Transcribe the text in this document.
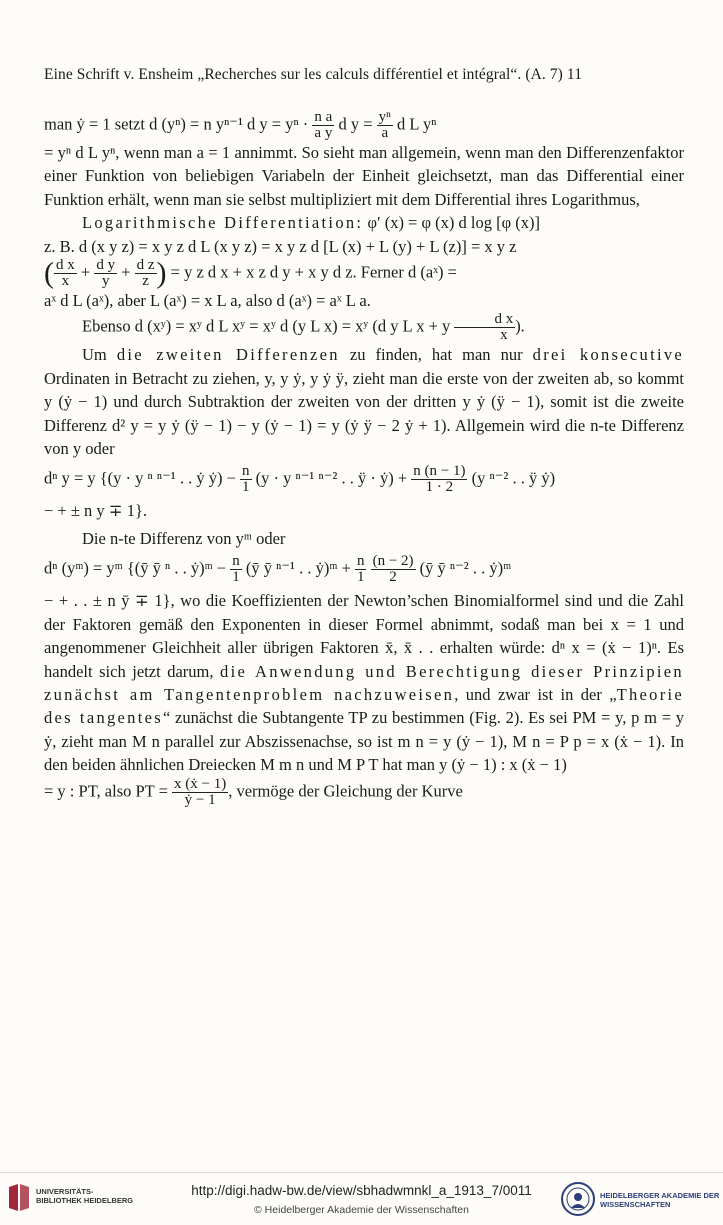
Eine Schrift v. Ensheim „Recherches sur les calculs différentiel et intégral“. (A. 7) 11

man ẏ = 1 setzt d (yⁿ) = n yⁿ⁻¹ d $y = y^n \cdot \frac{\text{n a}}{\text{a y}}$ d $y = \frac{\text{yⁿ}}{a}$ d L yⁿ

= yⁿ d L yⁿ, wenn man a = 1 annimmt. So sieht man allgemein, wenn man den Differenzenfaktor einer Funktion von beliebigen Variabeln der Einheit gleichsetzt, man das Differential einer Funktion erhält, wenn man sie selbst multipliziert mit dem Differential ihres Logarithmus,

Logarithmische Differentiation: φ′ (x) = φ (x) d log [φ (x)]

z. B. d (x y z) = x y z d L (x y z) = x y z d [L (x) + L (y) + L (z)] = x y z

( $\frac{\text{d x}}{x} + \frac{\text{d y}}{y} + \frac{\text{d z}}{z}$ ) = y z d x + x z d y + x y d z. Ferner d (aˣ) =

aˣ d L (aˣ), aber L (aˣ) = x L a, also d (aˣ) = aˣ L a.

Ebenso d (xʸ) = xʸ d L xʸ = xʸ d (y L x) = xʸ (d y L x + y $\frac{\text{d x}}{x}$ ).

Um die zweiten Differenzen zu finden, hat man nur drei konsecutive Ordinaten in Betracht zu ziehen, y, y ẏ, y ẏ ÿ, zieht man die erste von der zweiten ab, so kommt y (ẏ − 1) und durch Subtraktion der zweiten von der dritten y ẏ (ÿ − 1), somit ist die zweite Differenz d² y = y ẏ (ÿ − 1) − y (ẏ − 1) = y (ẏ ÿ − 2 ẏ + 1). Allgemein wird die n-te Differenz von y oder

dⁿ y = y {(y · y ⁿ ⁿ⁻¹ . . ẏ ẏ) − $\frac{n}{1} (y \cdot y$ ⁿ⁻¹ ⁿ⁻² . . ÿ · ẏ) + $\frac{n (n - 1)}{1 \cdot 2} (y$ ⁿ⁻² . . ÿ ẏ)

− + ± n y ∓ 1}.

Die n-te Differenz von yᵐ oder

dⁿ (yᵐ) = yᵐ {(ȳ ȳ ⁿ . . ẏ)ᵐ − $\frac{n}{1}$ (ȳ ȳ ⁿ⁻¹ . . ẏ)ᵐ + $\frac{n}{1}$
$\frac{(n - 2)}{2}$ (ȳ ȳ ⁿ⁻² . . ẏ)ᵐ

− + . . ± n ȳ ∓ 1}, wo die Koeffizienten der Newton’schen Binomialformel sind und die Zahl der Faktoren gemäß den Exponenten in dieser Formel abnimmt, sodaß man bei x = 1 und angenommener Gleichheit aller übrigen Faktoren x̄, x̄ . . erhalten würde: dⁿ x = (ẋ − 1)ⁿ. Es handelt sich jetzt darum, die Anwendung und Berechtigung dieser Prinzipien zunächst am Tangentenproblem nachzuweisen, und zwar ist in der „Theorie des tangentes“ zunächst die Subtangente TP zu bestimmen (Fig. 2). Es sei PM = y, p m = y ẏ, zieht man M n parallel zur Abszissenachse, so ist m n = y (ẏ − 1), M n = P p = x (ẋ − 1). In den beiden ähnlichen Dreiecken M m n und M P T hat man y (ẏ − 1) : x (ẋ − 1)

= y : PT, also PT = $\frac{\text{x (ẋ − 1)}}{\text{ẏ − 1}}$ , vermöge der Gleichung der Kurve

UNIVERSITÄTS-BIBLIOTHEK HEIDELBERG
http://digi.hadw-bw.de/view/sbhadwmnkl_a_1913_7/0011
© Heidelberger Akademie der Wissenschaften
HEIDELBERGER AKADEMIE DER WISSENSCHAFTEN
